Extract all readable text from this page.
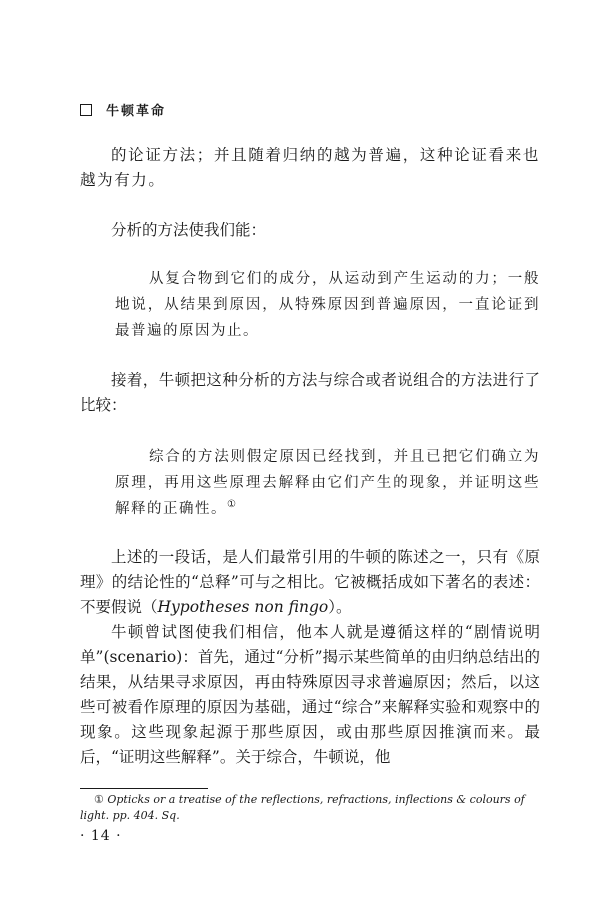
牛顿革命

的论证方法；并且随着归纳的越为普遍，这种论证看来也越为有力。

分析的方法使我们能：

从复合物到它们的成分，从运动到产生运动的力；一般地说，从结果到原因，从特殊原因到普遍原因，一直论证到最普遍的原因为止。

接着，牛顿把这种分析的方法与综合或者说组合的方法进行了比较：

综合的方法则假定原因已经找到，并且已把它们确立为原理，再用这些原理去解释由它们产生的现象，并证明这些解释的正确性。①

上述的一段话，是人们最常引用的牛顿的陈述之一，只有《原理》的结论性的“总释”可与之相比。它被概括成如下著名的表述：不要假说（Hypotheses non fingo）。

牛顿曾试图使我们相信，他本人就是遵循这样的“剧情说明单”(scenario)：首先，通过“分析”揭示某些简单的由归纳总结出的结果，从结果寻求原因，再由特殊原因寻求普遍原因；然后，以这些可被看作原理的原因为基础，通过“综合”来解释实验和观察中的现象。这些现象起源于那些原因，或由那些原因推演而来。最后，“证明这些解释”。关于综合，牛顿说，他

① Opticks or a treatise of the reflections, refractions, inflections & colours of light. pp. 404. Sq.

· 14 ·
